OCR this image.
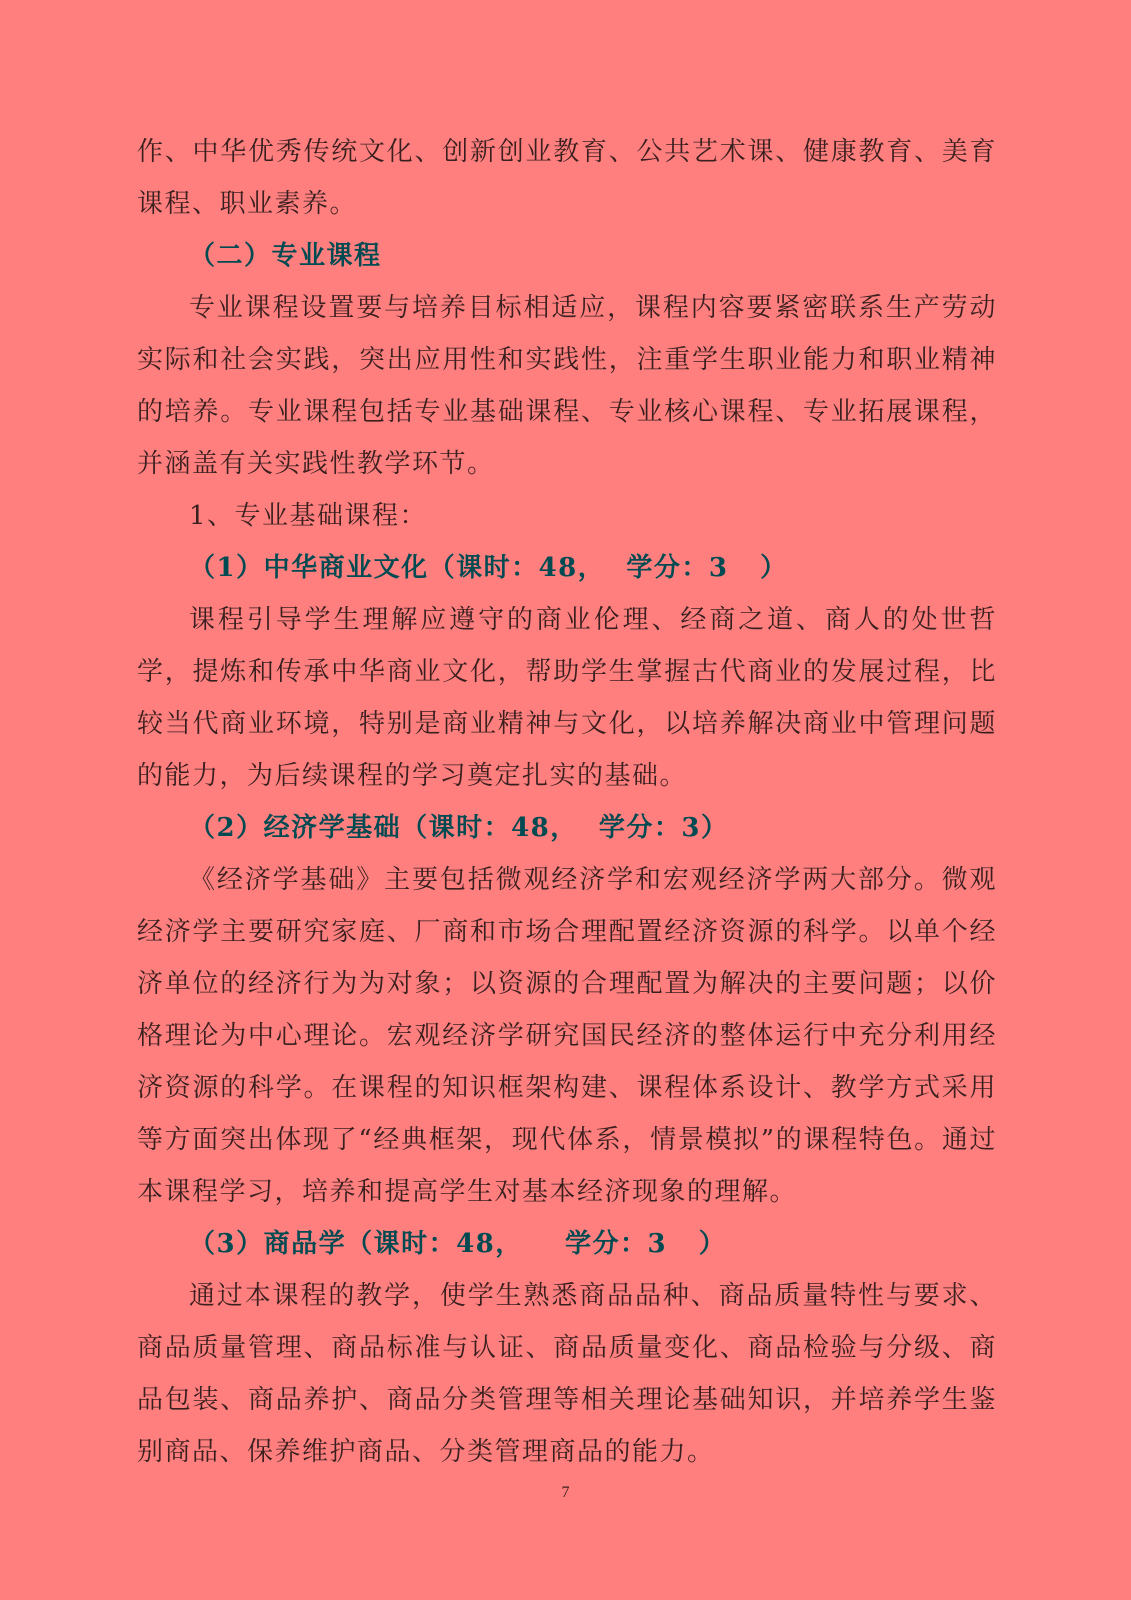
作、中华优秀传统文化、创新创业教育、公共艺术课、健康教育、美育课程、职业素养。

（二）专业课程

专业课程设置要与培养目标相适应，课程内容要紧密联系生产劳动实际和社会实践，突出应用性和实践性，注重学生职业能力和职业精神的培养。专业课程包括专业基础课程、专业核心课程、专业拓展课程，并涵盖有关实践性教学环节。

1、专业基础课程：

（1）中华商业文化（课时：48，  学分：3   ）

课程引导学生理解应遵守的商业伦理、经商之道、商人的处世哲学，提炼和传承中华商业文化，帮助学生掌握古代商业的发展过程，比较当代商业环境，特别是商业精神与文化，以培养解决商业中管理问题的能力，为后续课程的学习奠定扎实的基础。

（2）经济学基础（课时：48，  学分：3）

《经济学基础》主要包括微观经济学和宏观经济学两大部分。微观经济学主要研究家庭、厂商和市场合理配置经济资源的科学。以单个经济单位的经济行为为对象；以资源的合理配置为解决的主要问题；以价格理论为中心理论。宏观经济学研究国民经济的整体运行中充分利用经济资源的科学。在课程的知识框架构建、课程体系设计、教学方式采用等方面突出体现了“经典框架，现代体系，情景模拟”的课程特色。通过本课程学习，培养和提高学生对基本经济现象的理解。

（3）商品学（课时：48，    学分：3   ）

通过本课程的教学，使学生熟悉商品品种、商品质量特性与要求、商品质量管理、商品标准与认证、商品质量变化、商品检验与分级、商品包装、商品养护、商品分类管理等相关理论基础知识，并培养学生鉴别商品、保养维护商品、分类管理商品的能力。

7
